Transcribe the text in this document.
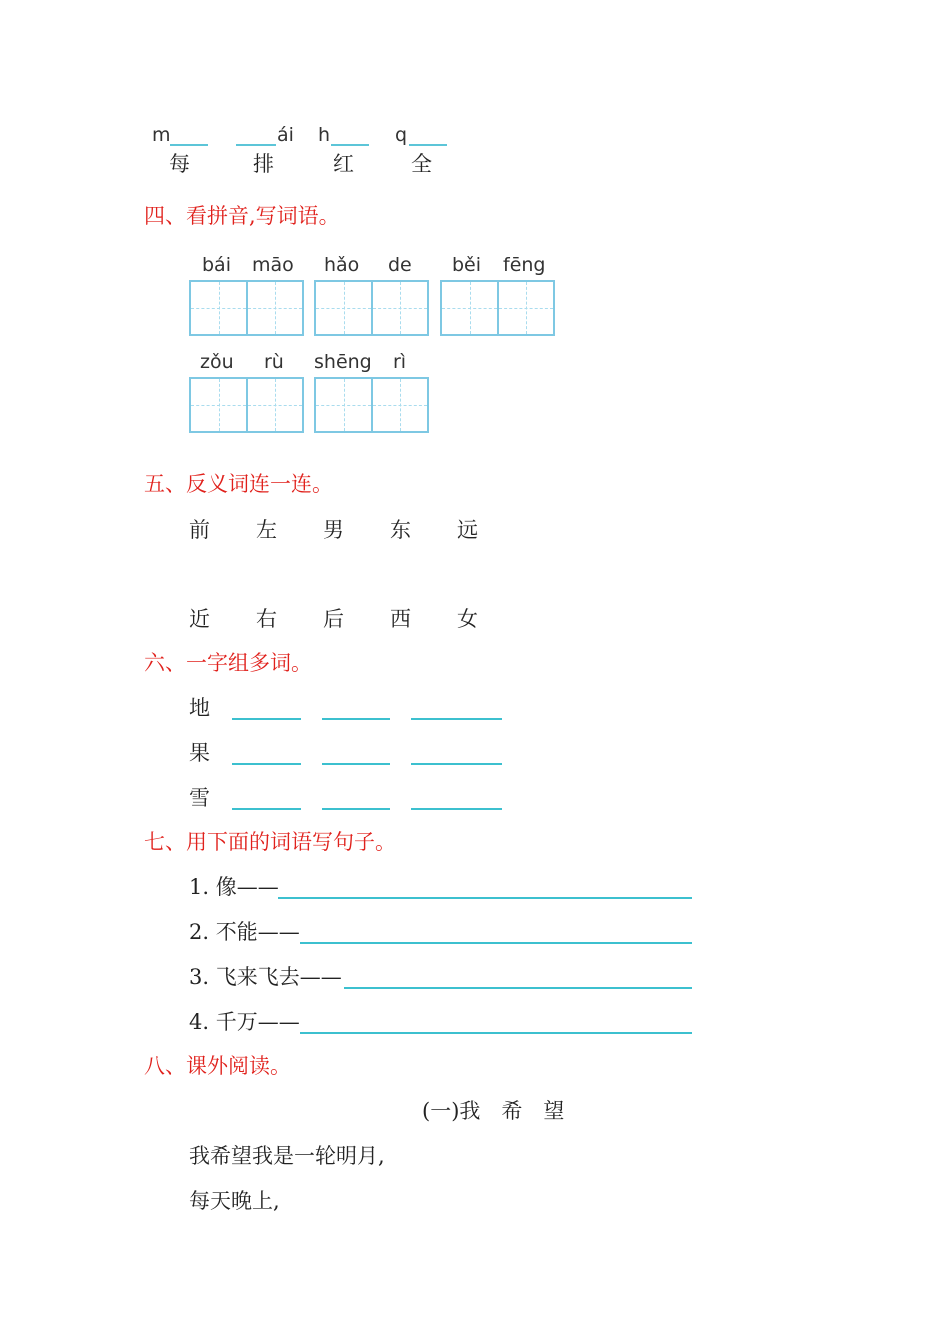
m
每
ái
排
h
红
q
全
四、看拼音,写词语。
bái māo hǎo de běi fēng
zǒu rù shēng rì
五、反义词连一连。
前 左 男 东 远
近 右 后 西 女
六、一字组多词。
地
果
雪
七、用下面的词语写句子。
1. 像——
2. 不能——
3. 飞来飞去——
4. 千万——
八、课外阅读。
(一)我　希　望
我希望我是一轮明月,
每天晚上,
